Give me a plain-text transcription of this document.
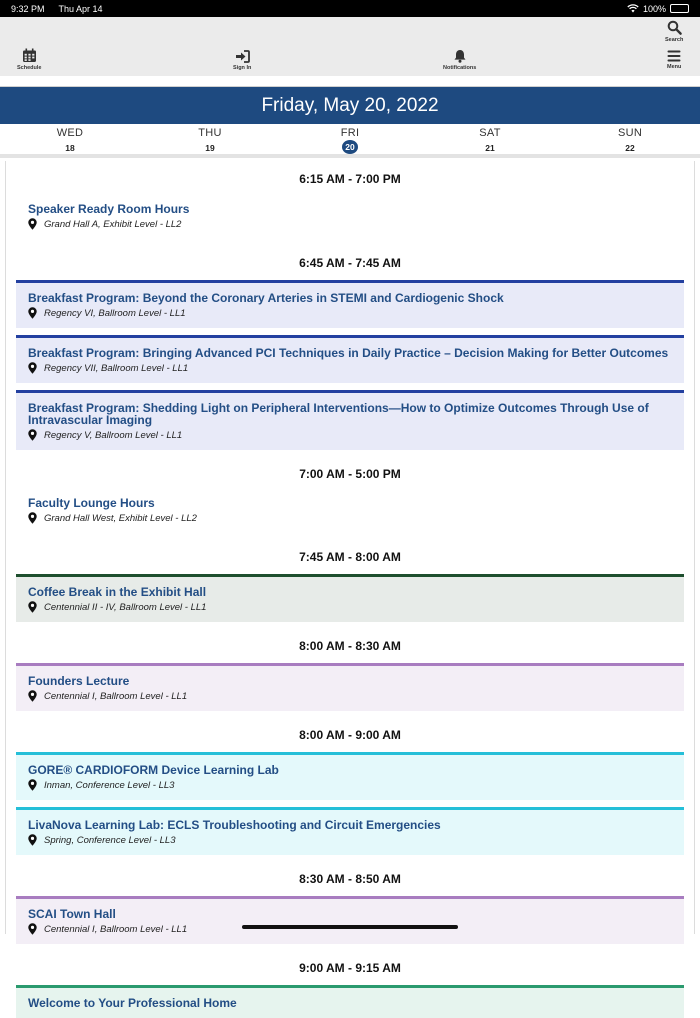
9:32 PM Thu Apr 14	100%
Schedule	Sign In	Notifications
Search
Menu
Friday, May 20, 2022
WED
18
THU
19
FRI
20
SAT
21
SUN
22
6:15 AM - 7:00 PM
Speaker Ready Room Hours
Grand Hall A, Exhibit Level - LL2
6:45 AM - 7:45 AM
Breakfast Program: Beyond the Coronary Arteries in STEMI and Cardiogenic Shock
Regency VI, Ballroom Level - LL1
Breakfast Program: Bringing Advanced PCI Techniques in Daily Practice – Decision Making for Better Outcomes
Regency VII, Ballroom Level - LL1
Breakfast Program: Shedding Light on Peripheral Interventions—How to Optimize Outcomes Through Use of Intravascular Imaging
Regency V, Ballroom Level - LL1
7:00 AM - 5:00 PM
Faculty Lounge Hours
Grand Hall West, Exhibit Level - LL2
7:45 AM - 8:00 AM
Coffee Break in the Exhibit Hall
Centennial II - IV, Ballroom Level - LL1
8:00 AM - 8:30 AM
Founders Lecture
Centennial I, Ballroom Level - LL1
8:00 AM - 9:00 AM
GORE® CARDIOFORM Device Learning Lab
Inman, Conference Level - LL3
LivaNova Learning Lab: ECLS Troubleshooting and Circuit Emergencies
Spring, Conference Level - LL3
8:30 AM - 8:50 AM
SCAI Town Hall
Centennial I, Ballroom Level - LL1
9:00 AM - 9:15 AM
Welcome to Your Professional Home
